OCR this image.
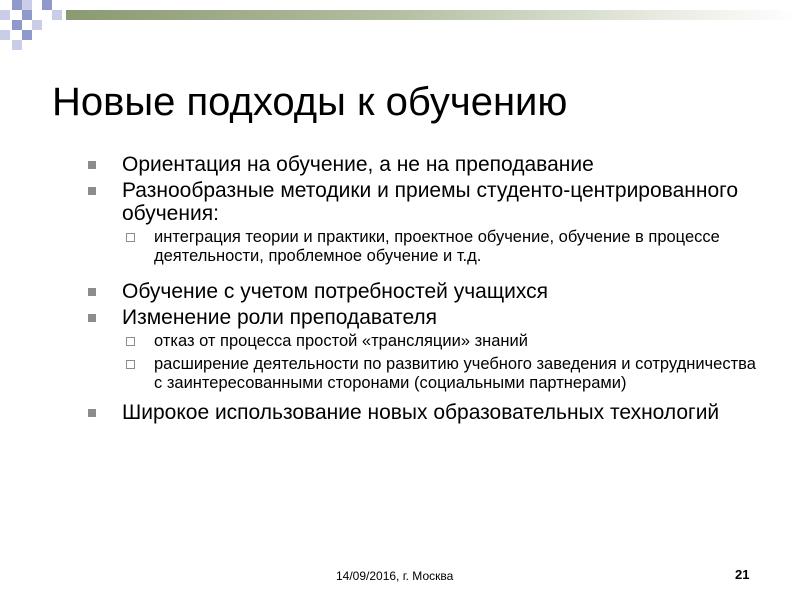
Новые подходы к обучению
Ориентация на обучение, а не на преподавание
Разнообразные методики и приемы студенто-центрированного обучения:
интеграция теории и практики, проектное обучение, обучение в процессе деятельности, проблемное обучение и т.д.
Обучение с учетом потребностей учащихся
Изменение роли преподавателя
отказ от процесса простой «трансляции» знаний
расширение деятельности по развитию учебного заведения и сотрудничества с заинтересованными сторонами (социальными партнерами)
Широкое использование новых образовательных технологий
14/09/2016, г. Москва	21
